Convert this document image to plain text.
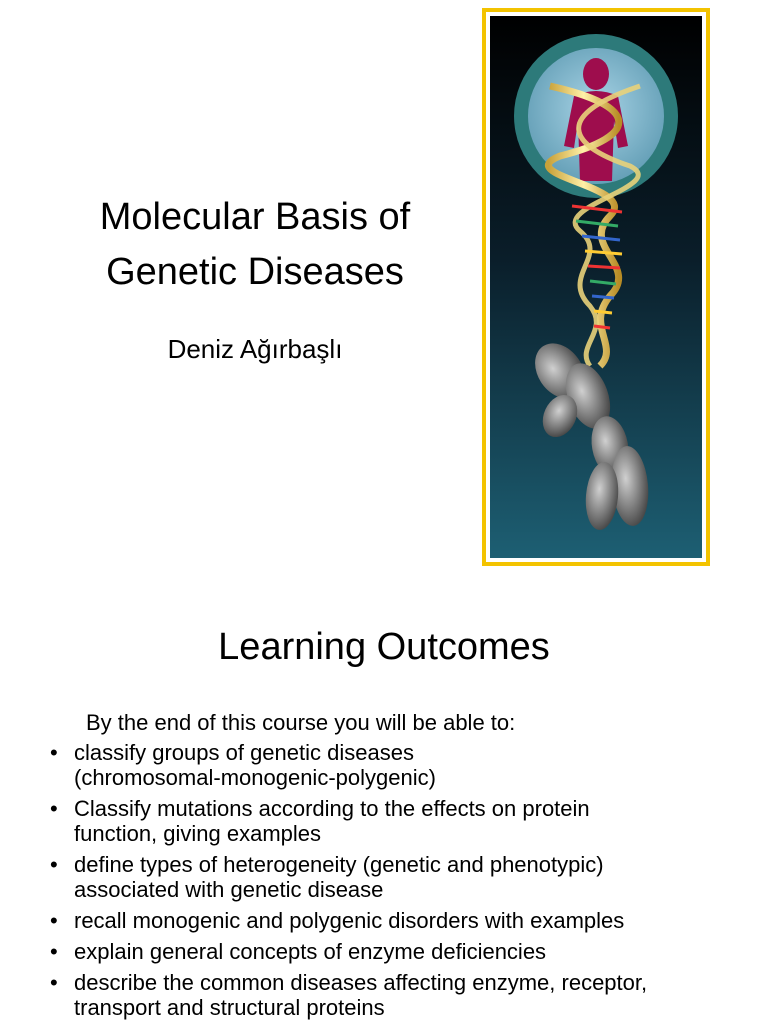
Molecular Basis of
Genetic Diseases

Deniz Ağırbaşlı

Learning Outcomes

By the end of this course you will be able to:

• classify groups of genetic diseases
(chromosomal-monogenic-polygenic)
• Classify mutations according to the effects on protein
function, giving examples
• define types of heterogeneity (genetic and phenotypic)
associated with genetic disease
• recall monogenic and polygenic disorders with examples
• explain general concepts of enzyme deficiencies
• describe the common diseases affecting enzyme, receptor,
transport and structural proteins
